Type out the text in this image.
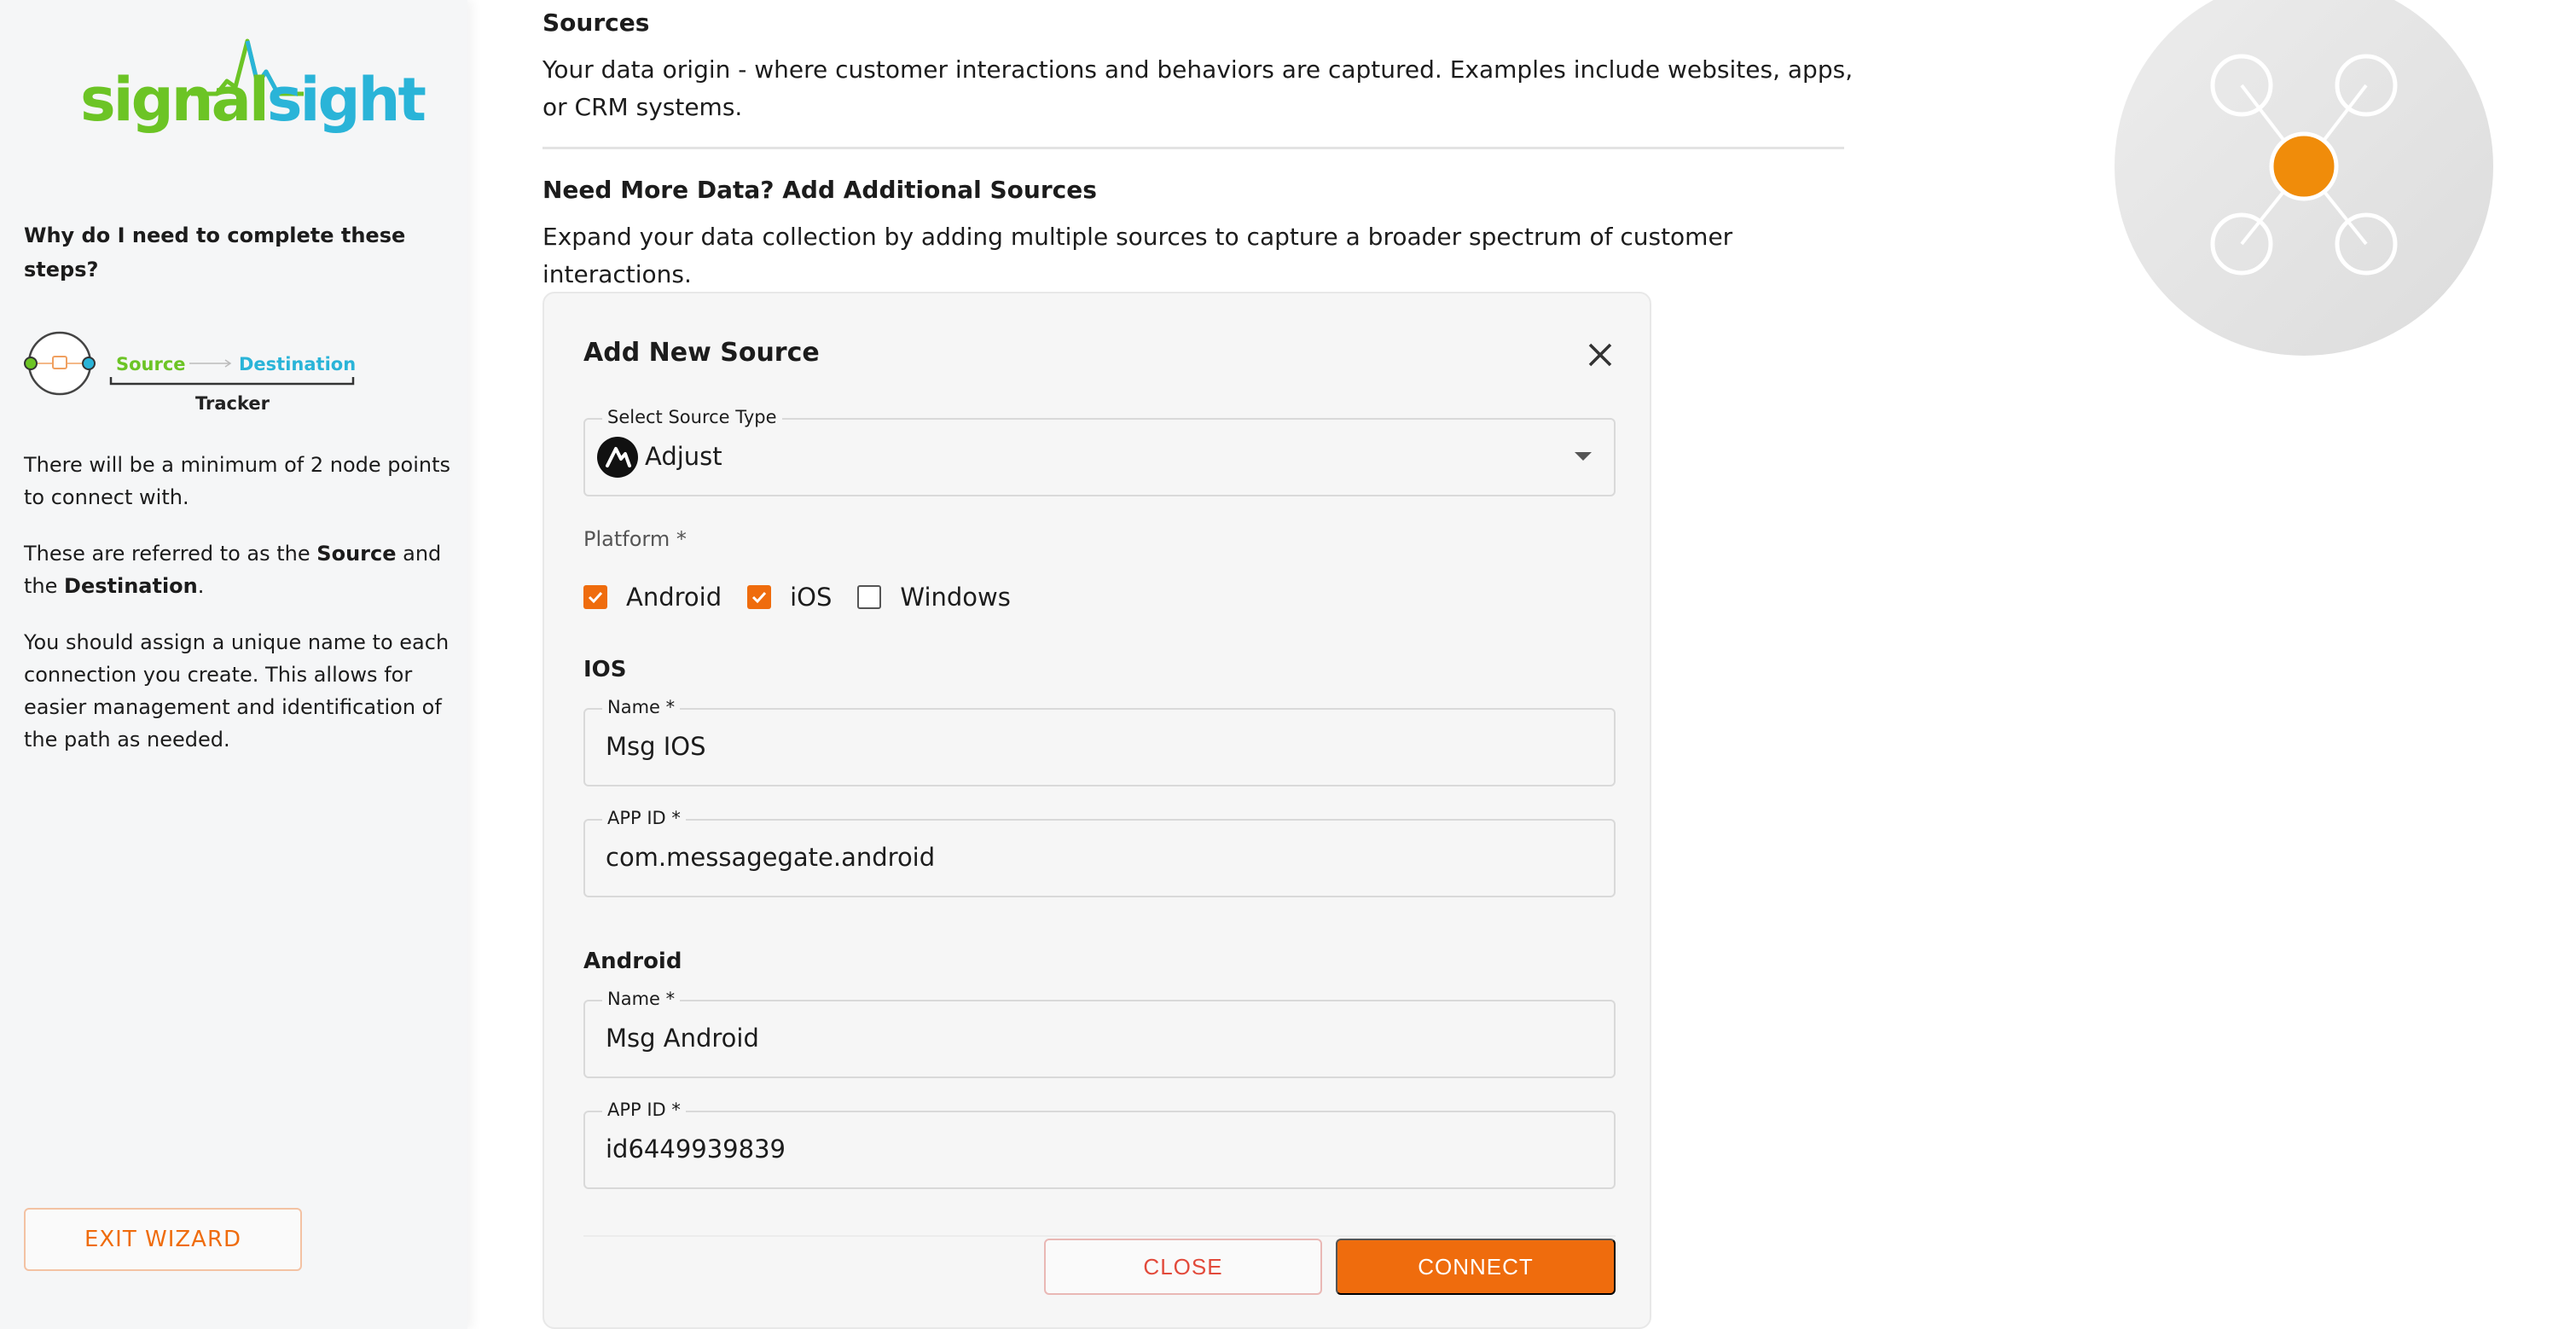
signalsight
Why do I need to complete these steps?
Source	Destination
Tracker

There will be a minimum of 2 node points to connect with.

These are referred to as the Source and the Destination.

You should assign a unique name to each connection you create. This allows for easier management and identification of the path as needed.

EXIT WIZARD
Sources
Your data origin - where customer interactions and behaviors are captured. Examples include websites, apps, or CRM systems.
Need More Data? Add Additional Sources
Expand your data collection by adding multiple sources to capture a broader spectrum of customer interactions.
Add New Source
Select Source Type
Adjust
Platform *
Android	iOS	Windows
IOS
Name *
Msg IOS
APP ID *
com.messagegate.android
Android
Name *
Msg Android
APP ID *
id6449939839
CLOSE	CONNECT
